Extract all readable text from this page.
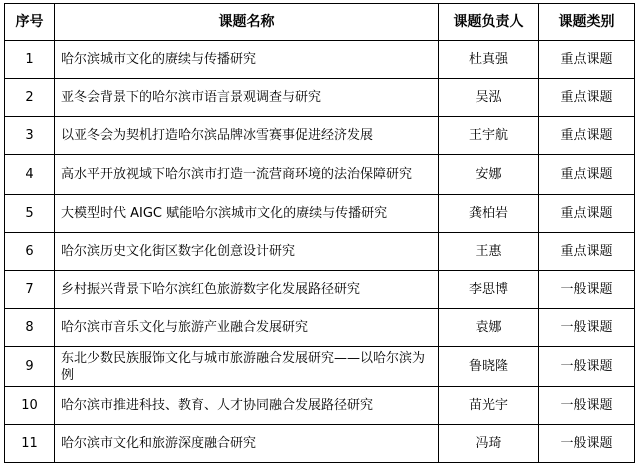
序号	课题名称	课题负责人	课题类别
1	哈尔滨城市文化的赓续与传播研究	杜真强	重点课题
2	亚冬会背景下的哈尔滨市语言景观调查与研究	吴泓	重点课题
3	以亚冬会为契机打造哈尔滨品牌冰雪赛事促进经济发展	王宇航	重点课题
4	高水平开放视域下哈尔滨市打造一流营商环境的法治保障研究	安娜	重点课题
5	大模型时代 AIGC 赋能哈尔滨城市文化的赓续与传播研究	龚柏岩	重点课题
6	哈尔滨历史文化街区数字化创意设计研究	王惠	重点课题
7	乡村振兴背景下哈尔滨红色旅游数字化发展路径研究	李思博	一般课题
8	哈尔滨市音乐文化与旅游产业融合发展研究	袁娜	一般课题
9	东北少数民族服饰文化与城市旅游融合发展研究——以哈尔滨为例	鲁晓隆	一般课题
10	哈尔滨市推进科技、教育、人才协同融合发展路径研究	苗光宇	一般课题
11	哈尔滨市文化和旅游深度融合研究	冯琦	一般课题
